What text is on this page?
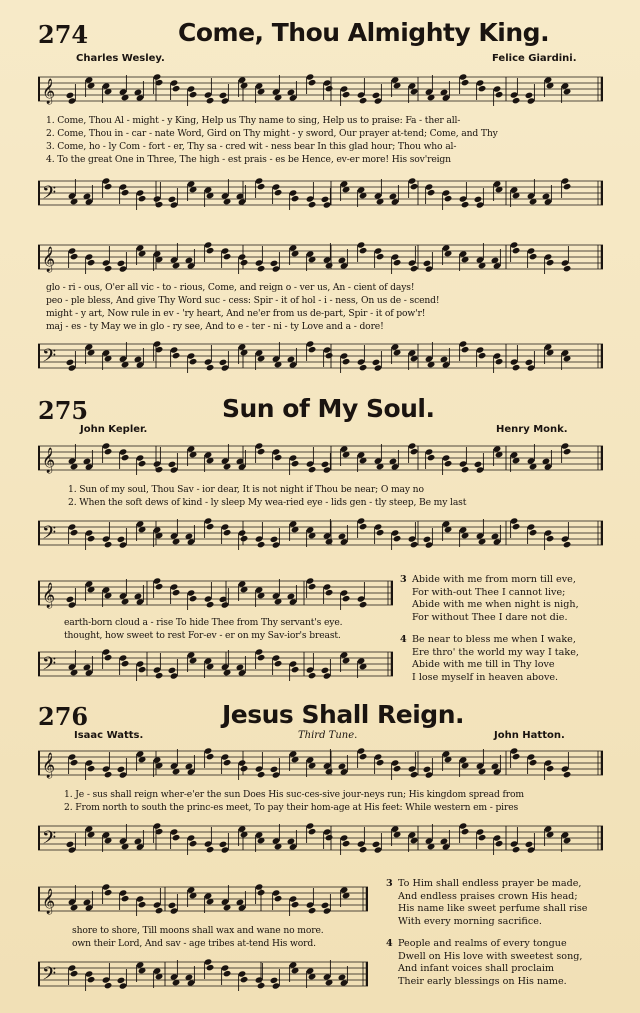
274	Come, Thou Almighty King.
Charles Wesley.	Felice Giardini.
𝄞
1. Come, Thou Al - might - y King, Help us Thy name to sing, Help us to praise: Fa - ther all-
2. Come, Thou in - car - nate Word, Gird on Thy might - y sword, Our prayer at-tend; Come, and Thy
3. Come, ho - ly Com - fort - er, Thy sa - cred wit - ness bear In this glad hour; Thou who al-
4. To the great One in Three, The high - est prais - es be Hence, ev-er more! His sov'reign
𝄢
𝄞
glo - ri - ous, O'er all vic - to - rious, Come, and reign o - ver us, An - cient of days!
peo - ple bless, And give Thy Word suc - cess: Spir - it of hol - i - ness, On us de - scend!
might - y art, Now rule in ev - 'ry heart, And ne'er from us de-part, Spir - it of pow'r!
maj - es - ty May we in glo - ry see, And to e - ter - ni - ty Love and a - dore!
𝄢
275	Sun of My Soul.
John Kepler.	Henry Monk.
𝄞
1. Sun of my soul, Thou Sav - ior dear, It is not night if Thou be near; O may no
2. When the soft dews of kind - ly sleep My wea-ried eye - lids gen - tly steep, Be my last
𝄢
𝄞
earth-born cloud a - rise To hide Thee from Thy servant's eye.
thought, how sweet to rest For-ev - er on my Sav-ior's breast.
𝄢
3 Abide with me from morn till eve,
For with-out Thee I cannot live;
Abide with me when night is nigh,
For without Thee I dare not die.
4 Be near to bless me when I wake,
Ere thro' the world my way I take,
Abide with me till in Thy love
I lose myself in heaven above.
276	Jesus Shall Reign.
Isaac Watts.	Third Tune.	John Hatton.
𝄞
1. Je - sus shall reign wher-e'er the sun Does His suc-ces-sive jour-neys run; His kingdom spread from
2. From north to south the princ-es meet, To pay their hom-age at His feet: While western em - pires
𝄢
𝄞
shore to shore, Till moons shall wax and wane no more.
own their Lord, And sav - age tribes at-tend His word.
𝄢
3 To Him shall endless prayer be made,
And endless praises crown His head;
His name like sweet perfume shall rise
With every morning sacrifice.
4 People and realms of every tongue
Dwell on His love with sweetest song,
And infant voices shall proclaim
Their early blessings on His name.
